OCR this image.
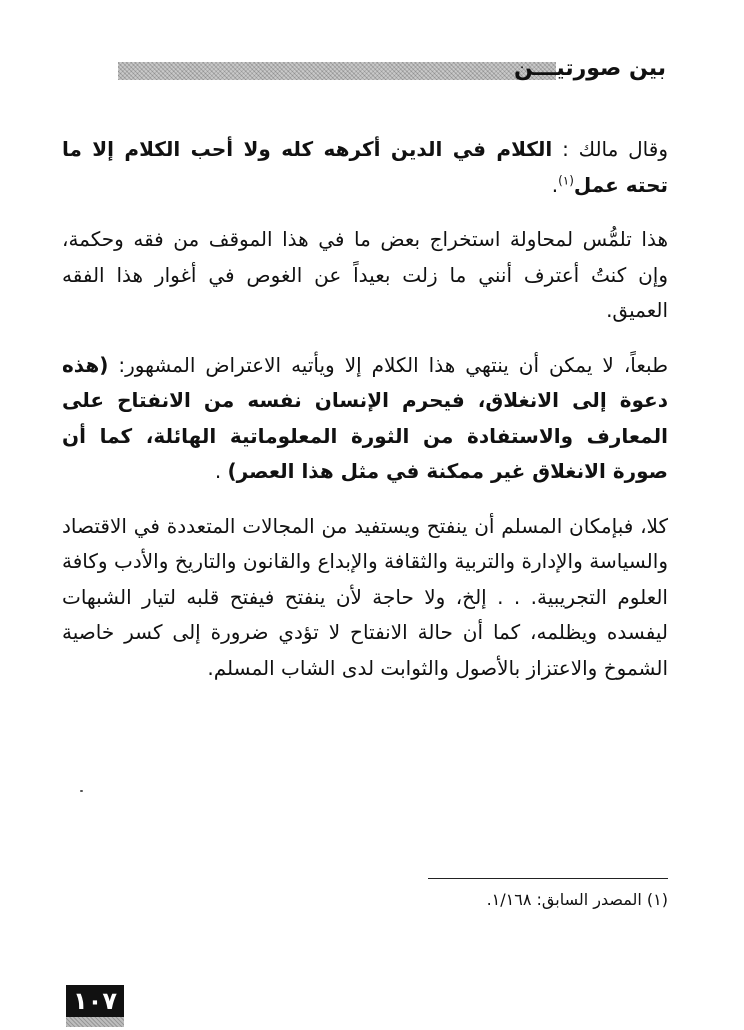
بين صورتيـــن

وقال مالك : الكلام في الدين أكرهه كله ولا أحب الكلام إلا ما تحته عمل$^{(١)}$.

هذا تلمُّس لمحاولة استخراج بعض ما في هذا الموقف من فقه وحكمة، وإن كنتُ أعترف أنني ما زلت بعيداً عن الغوص في أغوار هذا الفقه العميق.

طبعاً، لا يمكن أن ينتهي هذا الكلام إلا ويأتيه الاعتراض المشهور: (هذه دعوة إلى الانغلاق، فيحرم الإنسان نفسه من الانفتاح على المعارف والاستفادة من الثورة المعلوماتية الهائلة، كما أن صورة الانغلاق غير ممكنة في مثل هذا العصر) .

كلا، فبإمكان المسلم أن ينفتح ويستفيد من المجالات المتعددة في الاقتصاد والسياسة والإدارة والتربية والثقافة والإبداع والقانون والتاريخ والأدب وكافة العلوم التجريبية. . . إلخ، ولا حاجة لأن ينفتح فيفتح قلبه لتيار الشبهات ليفسده ويظلمه، كما أن حالة الانفتاح لا تؤدي ضرورة إلى كسر خاصية الشموخ والاعتزاز بالأصول والثوابت لدى الشاب المسلم.

(١) المصدر السابق: ١/١٦٨.
١٠٧
